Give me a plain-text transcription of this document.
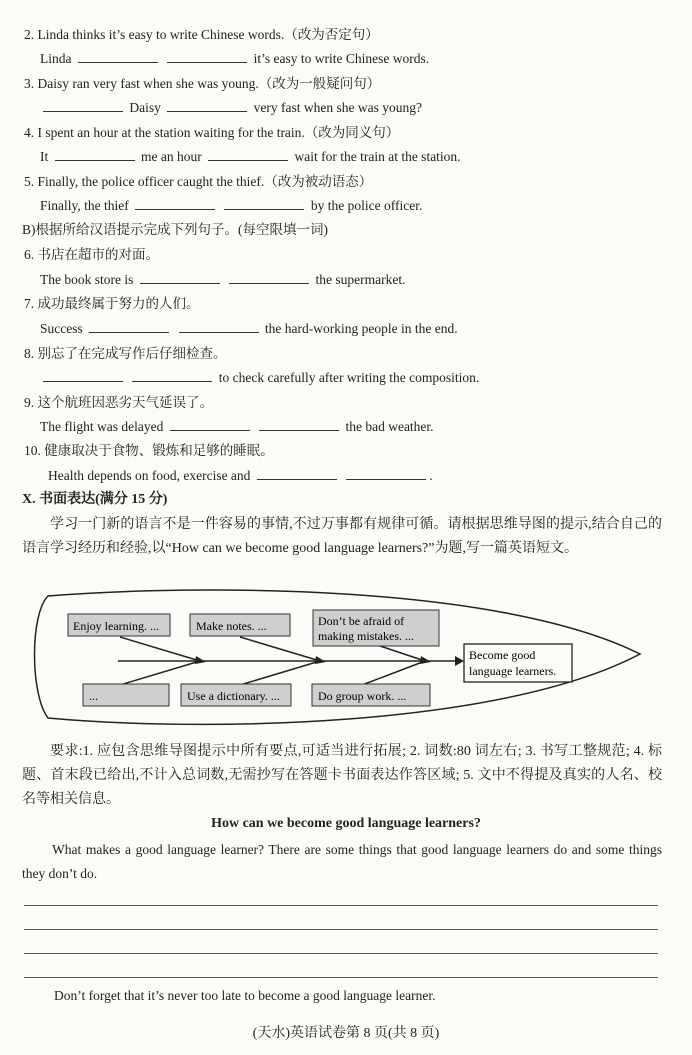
2. Linda thinks it’s easy to write Chinese words.（改为否定句）
Linda	it’s easy to write Chinese words.
3. Daisy ran very fast when she was young.（改为一般疑问句）
Daisy	very fast when she was young?
4. I spent an hour at the station waiting for the train.（改为同义句）
It	me an hour	wait for the train at the station.
5. Finally, the police officer caught the thief.（改为被动语态）
Finally, the thief	by the police officer.
B)根据所给汉语提示完成下列句子。(每空限填一词)
6. 书店在超市的对面。
The book store is	the supermarket.
7. 成功最终属于努力的人们。
Success	the hard-working people in the end.
8. 别忘了在完成写作后仔细检查。
to check carefully after writing the composition.
9. 这个航班因恶劣天气延误了。
The flight was delayed	the bad weather.
10. 健康取决于食物、锻炼和足够的睡眠。
Health depends on food, exercise and	.
X. 书面表达(满分 15 分)
学习一门新的语言不是一件容易的事情,不过万事都有规律可循。请根据思维导图的提示,结合自己的语言学习经历和经验,以“How can we become good language learners?”为题,写一篇英语短文。
Enjoy learning. ...	Make notes. ...	Don’t be afraid of
making mistakes. ...
...	Use a dictionary. ...	Do group work. ...
Become good
language learners.
要求:1. 应包含思维导图提示中所有要点,可适当进行拓展; 2. 词数:80 词左右; 3. 书写工整规范; 4. 标题、首末段已给出,不计入总词数,无需抄写在答题卡书面表达作答区域; 5. 文中不得提及真实的人名、校名等相关信息。
How can we become good language learners?
What makes a good language learner? There are some things that good language learners do and some things they don’t do.
Don’t forget that it’s never too late to become a good language learner.
(天水)英语试卷第 8 页(共 8 页)
